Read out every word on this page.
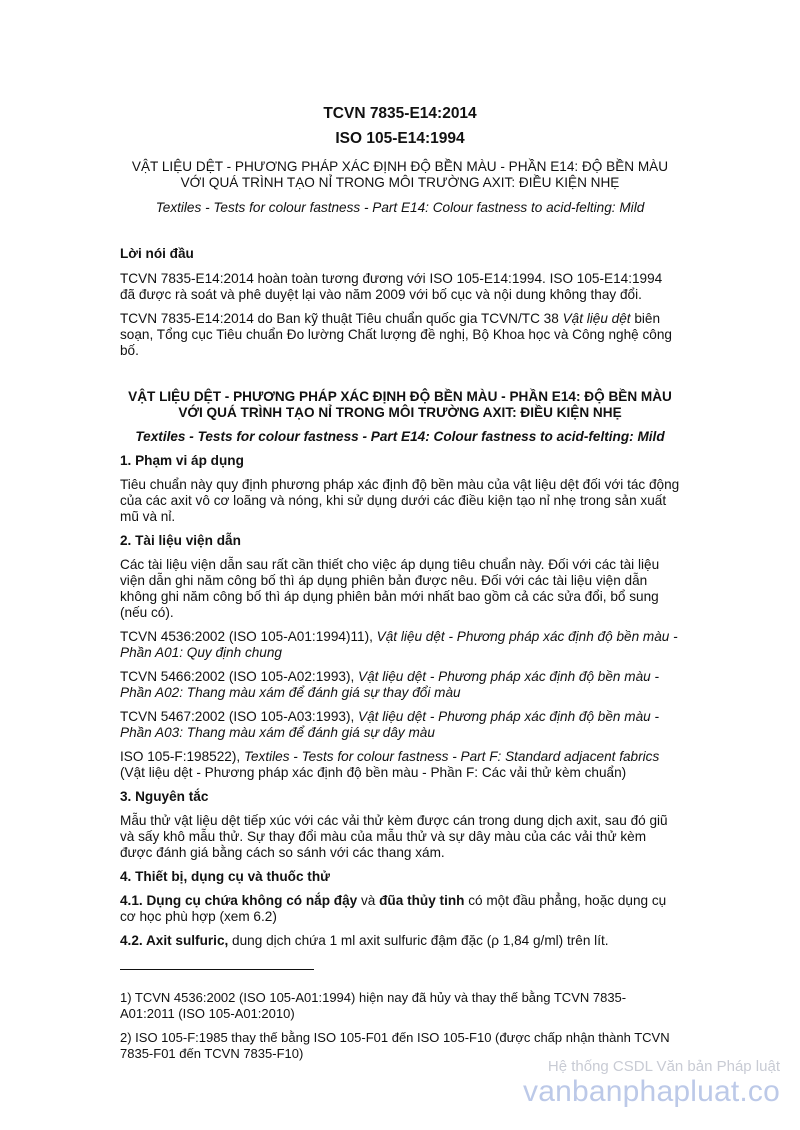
TCVN 7835-E14:2014

ISO 105-E14:1994

VẬT LIỆU DỆT - PHƯƠNG PHÁP XÁC ĐỊNH ĐỘ BỀN MÀU - PHẦN E14: ĐỘ BỀN MÀU VỚI QUÁ TRÌNH TẠO NỈ TRONG MÔI TRƯỜNG AXIT: ĐIỀU KIỆN NHẸ

Textiles - Tests for colour fastness - Part E14: Colour fastness to acid-felting: Mild

Lời nói đầu

TCVN 7835-E14:2014 hoàn toàn tương đương với ISO 105-E14:1994. ISO 105-E14:1994 đã được rà soát và phê duyệt lại vào năm 2009 với bố cục và nội dung không thay đổi.

TCVN 7835-E14:2014 do Ban kỹ thuật Tiêu chuẩn quốc gia TCVN/TC 38 Vật liệu dệt biên soạn, Tổng cục Tiêu chuẩn Đo lường Chất lượng đề nghị, Bộ Khoa học và Công nghệ công bố.

VẬT LIỆU DỆT - PHƯƠNG PHÁP XÁC ĐỊNH ĐỘ BỀN MÀU - PHẦN E14: ĐỘ BỀN MÀU VỚI QUÁ TRÌNH TẠO NỈ TRONG MÔI TRƯỜNG AXIT: ĐIỀU KIỆN NHẸ

Textiles - Tests for colour fastness - Part E14: Colour fastness to acid-felting: Mild

1. Phạm vi áp dụng

Tiêu chuẩn này quy định phương pháp xác định độ bền màu của vật liệu dệt đối với tác động của các axit vô cơ loãng và nóng, khi sử dụng dưới các điều kiện tạo nỉ nhẹ trong sản xuất mũ và nỉ.

2. Tài liệu viện dẫn

Các tài liệu viện dẫn sau rất cần thiết cho việc áp dụng tiêu chuẩn này. Đối với các tài liệu viện dẫn ghi năm công bố thì áp dụng phiên bản được nêu. Đối với các tài liệu viện dẫn không ghi năm công bố thì áp dụng phiên bản mới nhất bao gồm cả các sửa đổi, bổ sung (nếu có).

TCVN 4536:2002 (ISO 105-A01:1994)11), Vật liệu dệt - Phương pháp xác định độ bền màu - Phần A01: Quy định chung

TCVN 5466:2002 (ISO 105-A02:1993), Vật liệu dệt - Phương pháp xác định độ bền màu - Phần A02: Thang màu xám để đánh giá sự thay đổi màu

TCVN 5467:2002 (ISO 105-A03:1993), Vật liệu dệt - Phương pháp xác định độ bền màu - Phần A03: Thang màu xám để đánh giá sự dây màu

ISO 105-F:198522), Textiles - Tests for colour fastness - Part F: Standard adjacent fabrics (Vật liệu dệt - Phương pháp xác định độ bền màu - Phần F: Các vải thử kèm chuẩn)

3. Nguyên tắc

Mẫu thử vật liệu dệt tiếp xúc với các vải thử kèm được cán trong dung dịch axit, sau đó giũ và sấy khô mẫu thử. Sự thay đổi màu của mẫu thử và sự dây màu của các vải thử kèm được đánh giá bằng cách so sánh với các thang xám.

4. Thiết bị, dụng cụ và thuốc thử

4.1. Dụng cụ chứa không có nắp đậy và đũa thủy tinh có một đầu phẳng, hoặc dụng cụ cơ học phù hợp (xem 6.2)

4.2. Axit sulfuric, dung dịch chứa 1 ml axit sulfuric đậm đặc (ρ 1,84 g/ml) trên lít.

1) TCVN 4536:2002 (ISO 105-A01:1994) hiện nay đã hủy và thay thế bằng TCVN 7835-A01:2011 (ISO 105-A01:2010)

2) ISO 105-F:1985 thay thế bằng ISO 105-F01 đến ISO 105-F10 (được chấp nhận thành TCVN 7835-F01 đến TCVN 7835-F10)

Hệ thống CSDL Văn bản Pháp luật
vanbanphapluat.co
